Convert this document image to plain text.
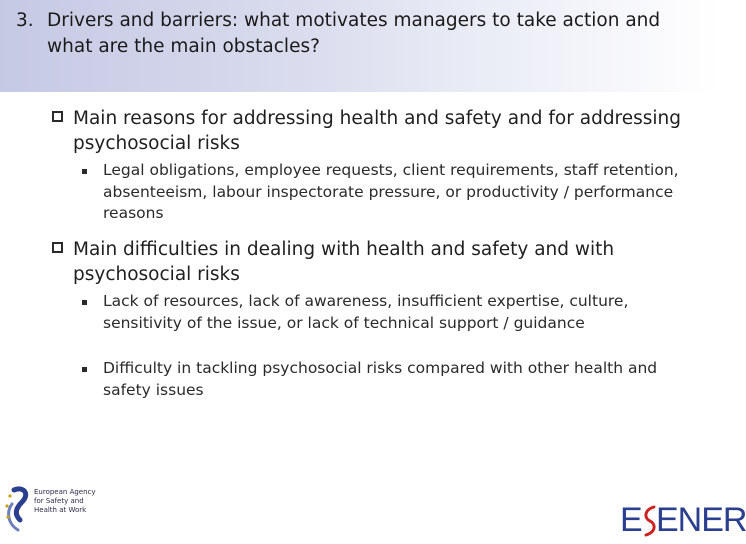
3. Drivers and barriers: what motivates managers to take action and what are the main obstacles?
Main reasons for addressing health and safety and for addressing psychosocial risks
Legal obligations, employee requests, client requirements, staff retention, absenteeism, labour inspectorate pressure, or productivity / performance reasons
Main difficulties in dealing with health and safety and with psychosocial risks
Lack of resources, lack of awareness, insufficient expertise, culture, sensitivity of the issue, or lack of technical support / guidance
Difficulty in tackling psychosocial risks compared with other health and safety issues
European Agency for Safety and Health at Work	E ENER
